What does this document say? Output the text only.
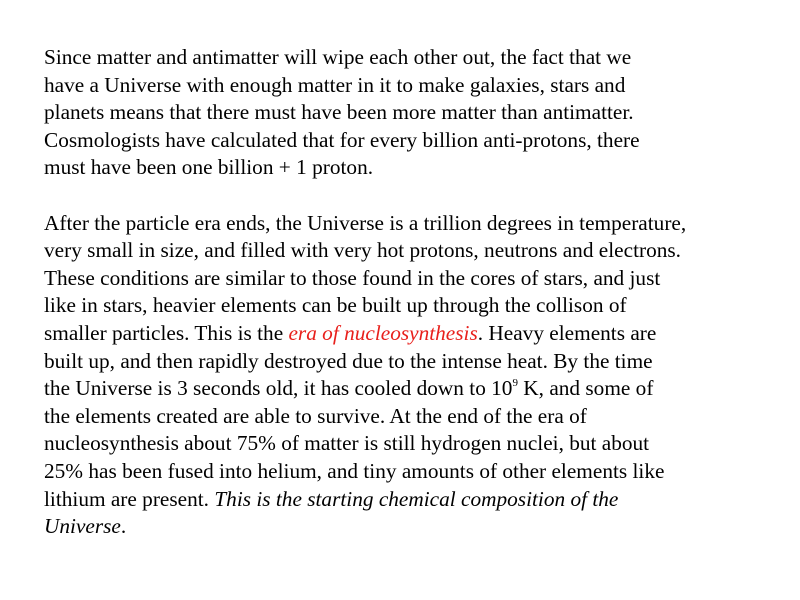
Since matter and antimatter will wipe each other out, the fact that we
have a Universe with enough matter in it to make galaxies, stars and
planets means that there must have been more matter than antimatter.
Cosmologists have calculated that for every billion anti-protons, there
must have been one billion + 1 proton.

After the particle era ends, the Universe is a trillion degrees in temperature,
very small in size, and filled with very hot protons, neutrons and electrons.
These conditions are similar to those found in the cores of stars, and just
like in stars, heavier elements can be built up through the collison of
smaller particles. This is the era of nucleosynthesis. Heavy elements are
built up, and then rapidly destroyed due to the intense heat. By the time
the Universe is 3 seconds old, it has cooled down to $10^9$ K, and some of
the elements created are able to survive. At the end of the era of
nucleosynthesis about 75% of matter is still hydrogen nuclei, but about
25% has been fused into helium, and tiny amounts of other elements like
lithium are present. This is the starting chemical composition of the
Universe.
